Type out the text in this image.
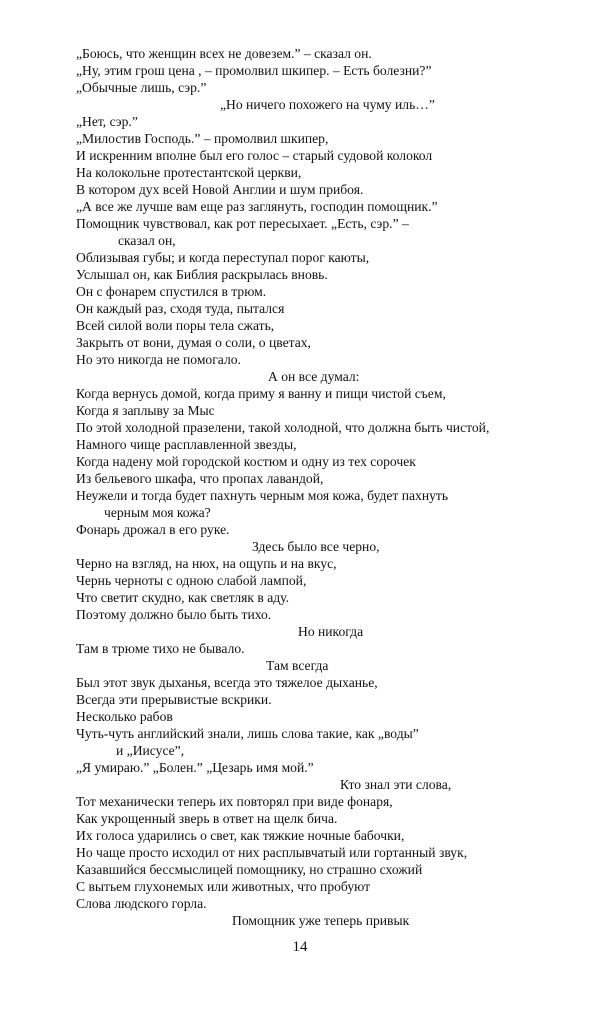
„Боюсь, что женщин всех не довезем.” – сказал он.
„Ну, этим грош цена , – промолвил шкипер. – Есть болезни?”
„Обычные лишь, сэр.”
„Но ничего похожего на чуму иль…”
„Нет, сэр.”
„Милостив Господь.” – промолвил шкипер,
И искренним вполне был его голос – старый судовой колокол
На колокольне протестантской церкви,
В котором дух всей Новой Англии и шум прибоя.
„А все же лучше вам еще раз заглянуть, господин помощник.”
Помощник чувствовал, как рот пересыхает. „Есть, сэр.” –
сказал он,
Облизывая губы; и когда переступал порог каюты,
Услышал он, как Библия раскрылась вновь.
Он с фонарем спустился в трюм.
Он каждый раз, сходя туда, пытался
Всей силой воли поры тела сжать,
Закрыть от вони, думая о соли, о цветах,
Но это никогда не помогало.
А он все думал:
Когда вернусь домой, когда приму я ванну и пищи чистой съем,
Когда я заплыву за Мыс
По этой холодной празелени, такой холодной, что должна быть чистой,
Намного чище расплавленной звезды,
Когда надену мой городской костюм и одну из тех сорочек
Из бельевого шкафа, что пропах лавандой,
Неужели и тогда будет пахнуть черным моя кожа, будет пахнуть
черным моя кожа?
Фонарь дрожал в его руке.
Здесь было все черно,
Черно на взгляд, на нюх, на ощупь и на вкус,
Чернь черноты с одною слабой лампой,
Что светит скудно, как светляк в аду.
Поэтому должно было быть тихо.
Но никогда
Там в трюме тихо не бывало.
Там всегда
Был этот звук дыханья, всегда это тяжелое дыханье,
Всегда эти прерывистые вскрики.
Несколько рабов
Чуть-чуть английский знали, лишь слова такие, как „воды”
и „Иисусе”,
„Я умираю.” „Болен.” „Цезарь имя мой.”
Кто знал эти слова,
Тот механически теперь их повторял при виде фонаря,
Как укрощенный зверь в ответ на щелк бича.
Их голоса ударились о свет, как тяжкие ночные бабочки,
Но чаще просто исходил от них расплывчатый или гортанный звук,
Казавшийся бессмыслицей помощнику, но страшно схожий
С вытьем глухонемых или животных, что пробуют
Слова людского горла.
Помощник уже теперь привык
14
